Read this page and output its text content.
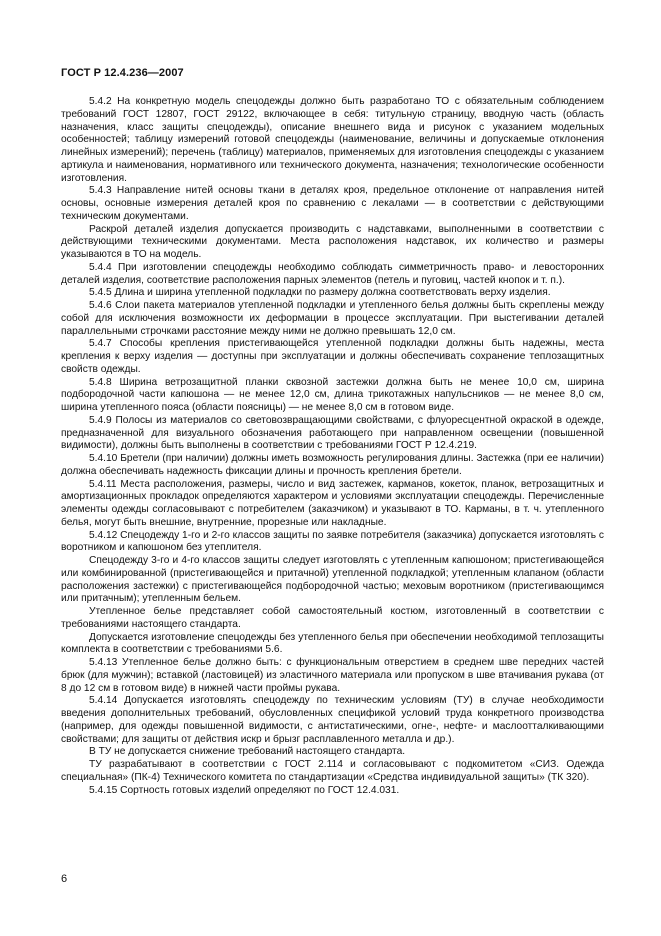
ГОСТ Р 12.4.236—2007

5.4.2 На конкретную модель спецодежды должно быть разработано ТО с обязательным соблюдением требований ГОСТ 12807, ГОСТ 29122, включающее в себя: титульную страницу, вводную часть (область назначения, класс защиты спецодежды), описание внешнего вида и рисунок с указанием модельных особенностей; таблицу измерений готовой спецодежды (наименование, величины и допускаемые отклонения линейных измерений); перечень (таблицу) материалов, применяемых для изготовления спецодежды с указанием артикула и наименования, нормативного или технического документа, назначения; технологические особенности изготовления.

5.4.3 Направление нитей основы ткани в деталях кроя, предельное отклонение от направления нитей основы, основные измерения деталей кроя по сравнению с лекалами — в соответствии с действующими техническим документами.

Раскрой деталей изделия допускается производить с надставками, выполненными в соответствии с действующими техническими документами. Места расположения надставок, их количество и размеры указываются в ТО на модель.

5.4.4 При изготовлении спецодежды необходимо соблюдать симметричность право- и левосторонних деталей изделия, соответствие расположения парных элементов (петель и пуговиц, частей кнопок и т. п.).

5.4.5 Длина и ширина утепленной подкладки по размеру должна соответствовать верху изделия.

5.4.6 Слои пакета материалов утепленной подкладки и утепленного белья должны быть скреплены между собой для исключения возможности их деформации в процессе эксплуатации. При выстегивании деталей параллельными строчками расстояние между ними не должно превышать 12,0 см.

5.4.7 Способы крепления пристегивающейся утепленной подкладки должны быть надежны, места крепления к верху изделия — доступны при эксплуатации и должны обеспечивать сохранение теплозащитных свойств одежды.

5.4.8 Ширина ветрозащитной планки сквозной застежки должна быть не менее 10,0 см, ширина подбородочной части капюшона — не менее 12,0 см, длина трикотажных напульсников — не менее 8,0 см, ширина утепленного пояса (области поясницы) — не менее 8,0 см в готовом виде.

5.4.9 Полосы из материалов со световозвращающими свойствами, с флуоресцентной окраской в одежде, предназначенной для визуального обозначения работающего при направленном освещении (повышенной видимости), должны быть выполнены в соответствии с требованиями ГОСТ Р 12.4.219.

5.4.10 Бретели (при наличии) должны иметь возможность регулирования длины. Застежка (при ее наличии) должна обеспечивать надежность фиксации длины и прочность крепления бретели.

5.4.11 Места расположения, размеры, число и вид застежек, карманов, кокеток, планок, ветрозащитных и амортизационных прокладок определяются характером и условиями эксплуатации спецодежды. Перечисленные элементы одежды согласовывают с потребителем (заказчиком) и указывают в ТО. Карманы, в т. ч. утепленного белья, могут быть внешние, внутренние, прорезные или накладные.

5.4.12 Спецодежду 1-го и 2-го классов защиты по заявке потребителя (заказчика) допускается изготовлять с воротником и капюшоном без утеплителя.

Спецодежду 3-го и 4-го классов защиты следует изготовлять с утепленным капюшоном; пристегивающейся или комбинированной (пристегивающейся и притачной) утепленной подкладкой; утепленным клапаном (области расположения застежки) с пристегивающейся подбородочной частью; меховым воротником (пристегивающимся или притачным); утепленным бельем.

Утепленное белье представляет собой самостоятельный костюм, изготовленный в соответствии с требованиями настоящего стандарта.

Допускается изготовление спецодежды без утепленного белья при обеспечении необходимой теплозащиты комплекта в соответствии с требованиями 5.6.

5.4.13 Утепленное белье должно быть: с функциональным отверстием в среднем шве передних частей брюк (для мужчин); вставкой (ластовицей) из эластичного материала или пропуском в шве втачивания рукава (от 8 до 12 см в готовом виде) в нижней части проймы рукава.

5.4.14 Допускается изготовлять спецодежду по техническим условиям (ТУ) в случае необходимости введения дополнительных требований, обусловленных спецификой условий труда конкретного производства (например, для одежды повышенной видимости, с антистатическими, огне-, нефте- и маслоотталкивающими свойствами; для защиты от действия искр и брызг расплавленного металла и др.).

В ТУ не допускается снижение требований настоящего стандарта.

ТУ разрабатывают в соответствии с ГОСТ 2.114 и согласовывают с подкомитетом «СИЗ. Одежда специальная» (ПК-4) Технического комитета по стандартизации «Средства индивидуальной защиты» (ТК 320).

5.4.15 Сортность готовых изделий определяют по ГОСТ 12.4.031.

6
